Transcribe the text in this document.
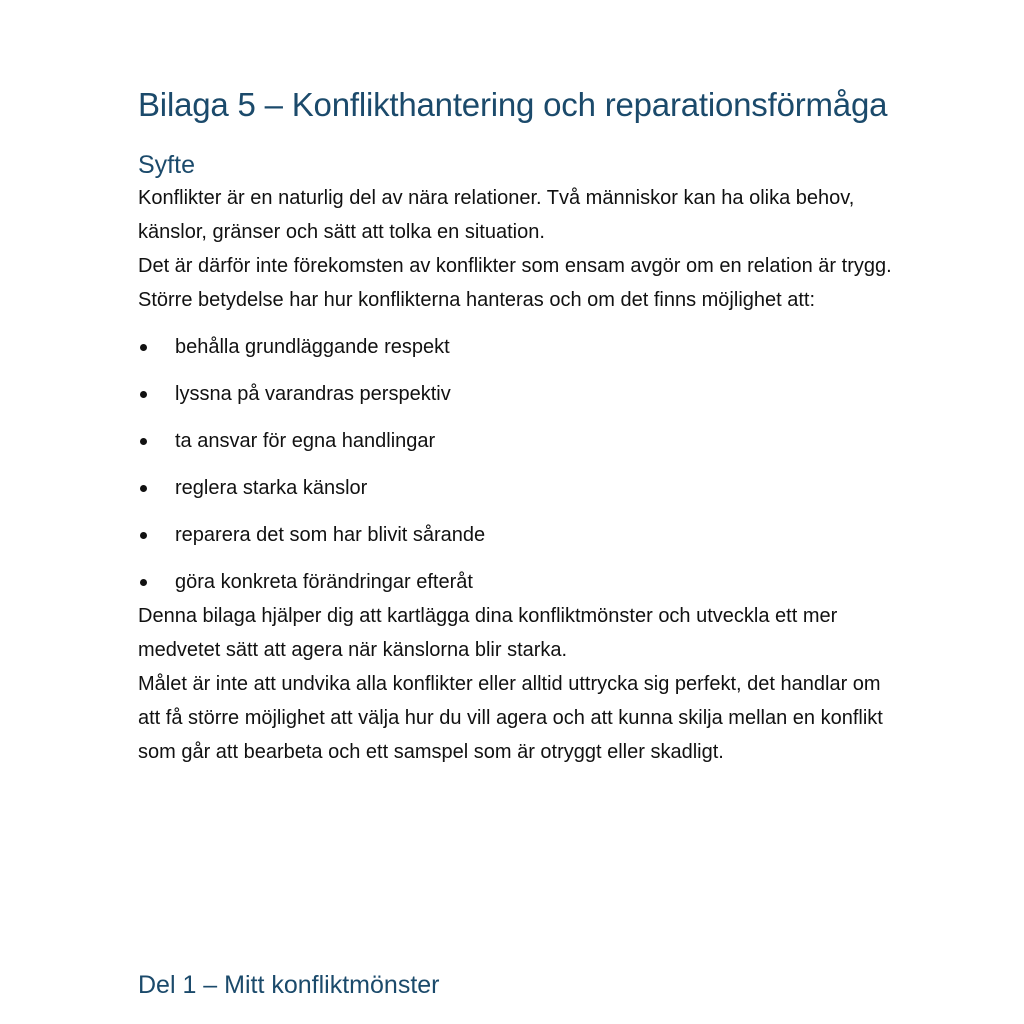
Bilaga 5 – Konflikthantering och reparationsförmåga
Syfte

Konflikter är en naturlig del av nära relationer. Två människor kan ha olika behov, känslor, gränser och sätt att tolka en situation.

Det är därför inte förekomsten av konflikter som ensam avgör om en relation är trygg. Större betydelse har hur konflikterna hanteras och om det finns möjlighet att:

behålla grundläggande respekt
lyssna på varandras perspektiv
ta ansvar för egna handlingar
reglera starka känslor
reparera det som har blivit sårande
göra konkreta förändringar efteråt

Denna bilaga hjälper dig att kartlägga dina konfliktmönster och utveckla ett mer medvetet sätt att agera när känslorna blir starka.

Målet är inte att undvika alla konflikter eller alltid uttrycka sig perfekt, det handlar om att få större möjlighet att välja hur du vill agera och att kunna skilja mellan en konflikt som går att bearbeta och ett samspel som är otryggt eller skadligt.

Del 1 – Mitt konfliktmönster
